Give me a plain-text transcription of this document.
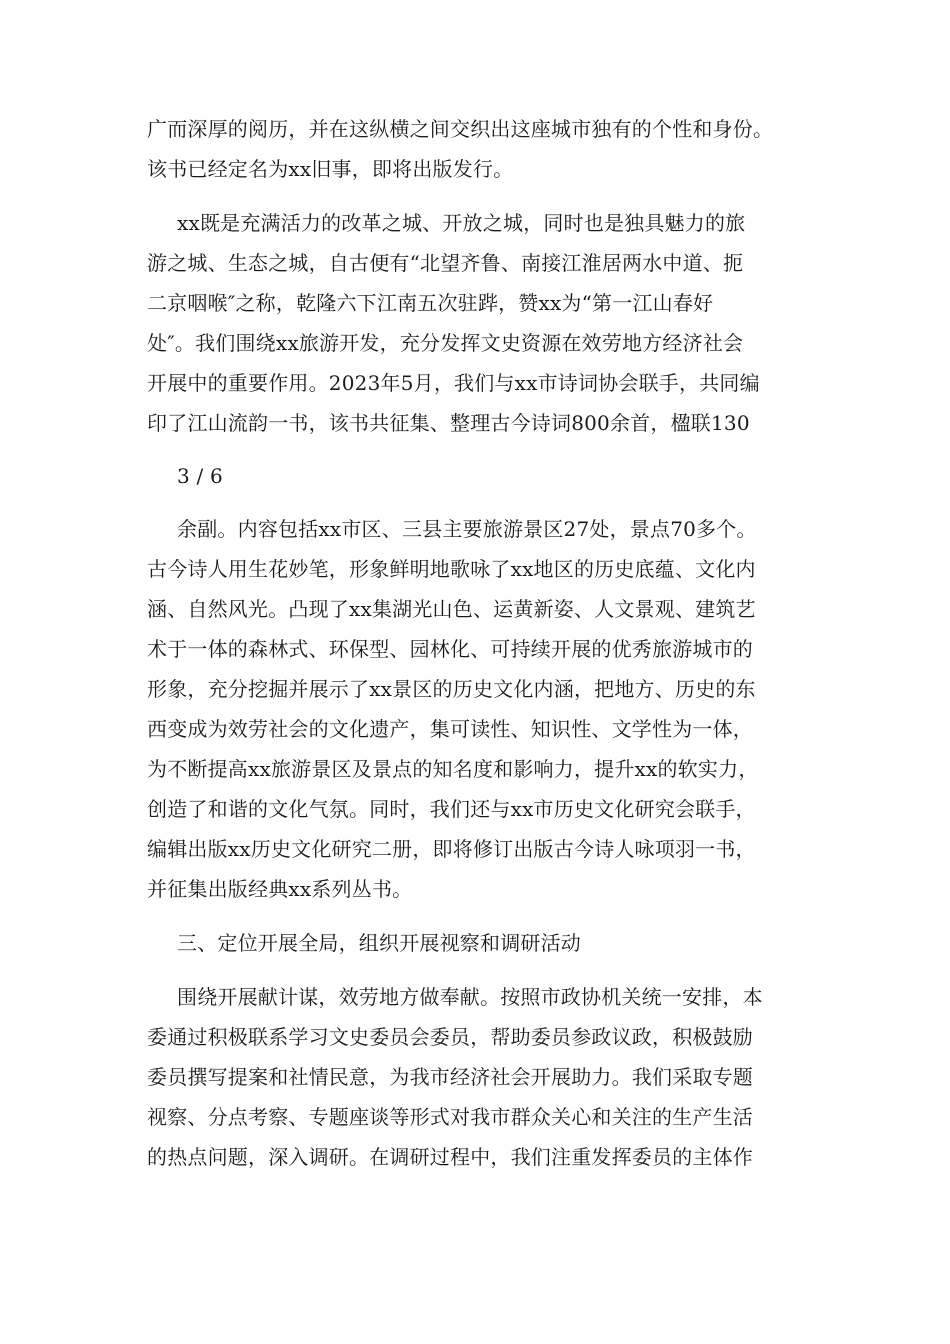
广而深厚的阅历，并在这纵横之间交织出这座城市独有的个性和身份。
该书已经定名为xx旧事，即将出版发行。
xx既是充满活力的改革之城、开放之城，同时也是独具魅力的旅
游之城、生态之城，自古便有“北望齐鲁、南接江淮居两水中道、扼
二京咽喉″之称，乾隆六下江南五次驻跸，赞xx为“第一江山春好
处″。我们围绕xx旅游开发，充分发挥文史资源在效劳地方经济社会
开展中的重要作用。2023年5月，我们与xx市诗词协会联手，共同编
印了江山流韵一书，该书共征集、整理古今诗词800余首，楹联130
3 / 6
余副。内容包括xx市区、三县主要旅游景区27处，景点70多个。
古今诗人用生花妙笔，形象鲜明地歌咏了xx地区的历史底蕴、文化内
涵、自然风光。凸现了xx集湖光山色、运黄新姿、人文景观、建筑艺
术于一体的森林式、环保型、园林化、可持续开展的优秀旅游城市的
形象，充分挖掘并展示了xx景区的历史文化内涵，把地方、历史的东
西变成为效劳社会的文化遗产，集可读性、知识性、文学性为一体，
为不断提高xx旅游景区及景点的知名度和影响力，提升xx的软实力，
创造了和谐的文化气氛。同时，我们还与xx市历史文化研究会联手，
编辑出版xx历史文化研究二册，即将修订出版古今诗人咏项羽一书，
并征集出版经典xx系列丛书。
三、定位开展全局，组织开展视察和调研活动
围绕开展献计谋，效劳地方做奉献。按照市政协机关统一安排，本
委通过积极联系学习文史委员会委员，帮助委员参政议政，积极鼓励
委员撰写提案和社情民意，为我市经济社会开展助力。我们采取专题
视察、分点考察、专题座谈等形式对我市群众关心和关注的生产生活
的热点问题，深入调研。在调研过程中，我们注重发挥委员的主体作
